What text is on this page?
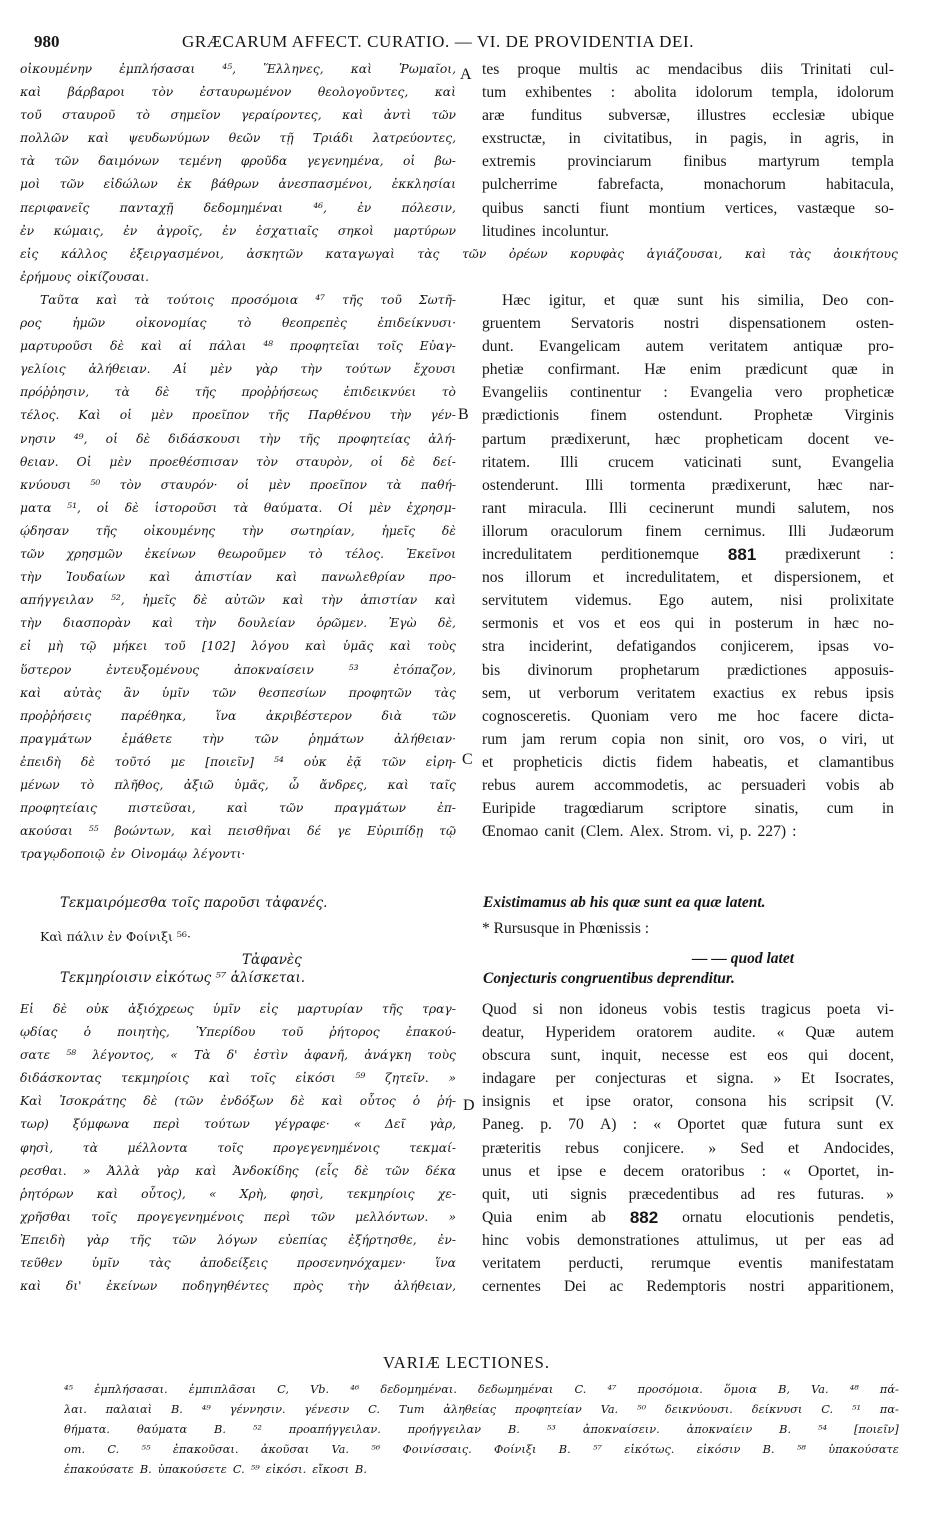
980	GRÆCARUM AFFECT. CURATIO. — VI. DE PROVIDENTIA DEI.
οἰκουμένην ἐμπλήσασαι ⁴⁵, Ἕλληνες, καὶ Ῥωμαῖοι,
καὶ βάρβαροι τὸν ἐσταυρωμένον θεολογοῦντες, καὶ
τοῦ σταυροῦ τὸ σημεῖον γεραίροντες, καὶ ἀντὶ τῶν
πολλῶν καὶ ψευδωνύμων θεῶν τῇ Τριάδι λατρεύοντες,
τὰ τῶν δαιμόνων τεμένη φροῦδα γεγενημένα, οἱ βω-
μοὶ τῶν εἰδώλων ἐκ βάθρων ἀνεσπασμένοι, ἐκκλησίαι
περιφανεῖς πανταχῇ δεδομημέναι ⁴⁶, ἐν πόλεσιν,
ἐν κώμαις, ἐν ἀγροῖς, ἐν ἐσχατιαῖς σηκοὶ μαρτύρων
εἰς κάλλος ἐξειργασμένοι, ἀσκητῶν καταγωγαὶ τὰς τῶν ὀρέων κορυφὰς ἁγιάζουσαι, καὶ τὰς ἀοικήτους
ἐρήμους οἰκίζουσαι.
tes proque multis ac mendacibus diis Trinitati cul-
tum exhibentes : abolita idolorum templa, idolorum
aræ funditus subversæ, illustres ecclesiæ ubique
exstructæ, in civitatibus, in pagis, in agris, in
extremis provinciarum finibus martyrum templa
pulcherrime	fabrefacta,	monachorum	habitacula,
quibus sancti fiunt montium vertices, vastæque so-
litudines incoluntur.
Ταῦτα καὶ τὰ τούτοις προσόμοια ⁴⁷ τῆς τοῦ Σωτῆ-
ρος ἡμῶν οἰκονομίας τὸ θεοπρεπὲς ἐπιδείκνυσι·
μαρτυροῦσι δὲ καὶ αἱ πάλαι ⁴⁸ προφητεῖαι τοῖς Εὐαγ-
γελίοις ἀλήθειαν. Αἱ μὲν γὰρ τὴν τούτων ἔχουσι
πρόῤῥησιν, τὰ δὲ τῆς προῤῥήσεως ἐπιδεικνύει τὸ
τέλος. Καὶ οἱ μὲν προεῖπον τῆς Παρθένου τὴν γέν-
νησιν ⁴⁹, οἱ δὲ διδάσκουσι τὴν τῆς προφητείας ἀλή-
θειαν. Οἱ μὲν προεθέσπισαν τὸν σταυρὸν, οἱ δὲ δεί-
κνύουσι ⁵⁰ τὸν σταυρόν· οἱ μὲν προεῖπον τὰ παθή-
ματα ⁵¹, οἱ δὲ ἱστοροῦσι τὰ θαύματα. Οἱ μὲν ἐχρησμ-
ῴδησαν τῆς οἰκουμένης τὴν σωτηρίαν, ἡμεῖς δὲ
τῶν χρησμῶν ἐκείνων θεωροῦμεν τὸ τέλος. Ἐκεῖνοι
τὴν Ἰουδαίων καὶ ἀπιστίαν καὶ πανωλεθρίαν προ-
απήγγειλαν ⁵², ἡμεῖς δὲ αὐτῶν καὶ τὴν ἀπιστίαν καὶ
τὴν διασπορὰν καὶ τὴν δουλείαν ὁρῶμεν. Ἐγὼ δὲ,
εἰ μὴ τῷ μήκει τοῦ [102] λόγου καὶ ὑμᾶς καὶ τοὺς
ὕστερον	ἐντευξομένους	ἀποκναίσειν	⁵³	ἐτόπαζον,
καὶ αὐτὰς ἂν ὑμῖν τῶν θεσπεσίων προφητῶν τὰς
προῤῥήσεις παρέθηκα, ἵνα ἀκριβέστερον διὰ τῶν
πραγμάτων ἐμάθετε τὴν τῶν ῥημάτων ἀλήθειαν·
ἐπειδὴ δὲ τοῦτό με [ποιεῖν] ⁵⁴ οὐκ ἐᾷ τῶν εἰρη-
μένων τὸ πλῆθος, ἀξιῶ ὑμᾶς, ὦ ἄνδρες, καὶ ταῖς
προφητείαις	πιστεῦσαι,	καὶ	τῶν	πραγμάτων	ἐπ-
ακούσαι ⁵⁵ βοώντων, καὶ πεισθῆναι δέ γε Εὐριπίδῃ τῷ
τραγῳδοποιῷ ἐν Οἰνομάῳ λέγοντι·
Hæc igitur, et quæ sunt his similia, Deo con-
gruentem Servatoris nostri dispensationem osten-
dunt. Evangelicam autem veritatem antiquæ pro-
phetiæ confirmant. Hæ enim prædicunt quæ in
Evangeliis continentur : Evangelia vero propheticæ
prædictionis finem ostendunt. Prophetæ Virginis
partum prædixerunt, hæc propheticam docent ve-
ritatem. Illi crucem vaticinati sunt, Evangelia
ostenderunt. Illi tormenta prædixerunt, hæc nar-
rant miracula. Illi cecinerunt mundi salutem, nos
illorum oraculorum finem cernimus. Illi Judæorum
incredulitatem perditionemque 881 prædixerunt :
nos illorum et incredulitatem, et dispersionem, et
servitutem videmus. Ego autem, nisi prolixitate
sermonis et vos et eos qui in posterum in hæc no-
stra inciderint, defatigandos conjicerem, ipsas vo-
bis divinorum prophetarum prædictiones apposuis-
sem, ut verborum veritatem exactius ex rebus ipsis
cognosceretis. Quoniam vero me hoc facere dicta-
rum jam rerum copia non sinit, oro vos, o viri, ut
et propheticis dictis fidem habeatis, et clamantibus
rebus aurem accommodetis, ac persuaderi vobis ab
Euripide tragœdiarum scriptore sinatis, cum in
Œnomao canit (Clem. Alex. Strom. vi, p. 227) :
Τεκμαιρόμεσθα τοῖς παροῦσι τἀφανές.
Καὶ πάλιν ἐν Φοίνιξι ⁵⁶·
Τἀφανὲς
Τεκμηρίοισιν εἰκότως ⁵⁷ ἁλίσκεται.
Existimamus ab his quæ sunt ea quæ latent.
* Rursusque in Phœnissis :
— — quod latet
Conjecturis congruentibus deprenditur.
Εἰ δὲ οὐκ ἀξιόχρεως ὑμῖν εἰς μαρτυρίαν τῆς τραγ-
ῳδίας ὁ ποιητὴς, Ὑπερίδου τοῦ ῥήτορος ἐπακού-
σατε ⁵⁸ λέγοντος, « Τὰ δ' ἐστὶν ἀφανῆ, ἀνάγκη τοὺς
διδάσκοντας τεκμηρίοις καὶ τοῖς εἰκόσι ⁵⁹ ζητεῖν. »
Καὶ Ἰσοκράτης δὲ (τῶν ἐνδόξων δὲ καὶ οὗτος ὁ ῥή-
τωρ) ξύμφωνα περὶ τούτων γέγραφε· « Δεῖ γὰρ,
φησὶ, τὰ μέλλοντα τοῖς προγεγενημένοις τεκμαί-
ρεσθαι. » Ἀλλὰ γὰρ καὶ Ἀνδοκίδης (εἷς δὲ τῶν δέκα
ῥητόρων καὶ οὗτος), « Χρὴ, φησὶ, τεκμηρίοις χε-
χρῆσθαι τοῖς προγεγενημένοις περὶ τῶν μελλόντων. »
Ἐπειδὴ γὰρ τῆς τῶν λόγων εὐεπίας ἐξήρτησθε, ἐν-
τεῦθεν ὑμῖν τὰς ἀποδείξεις προσενηνόχαμεν· ἵνα
καὶ δι' ἐκείνων ποδηγηθέντες πρὸς τὴν ἀλήθειαν,
Quod si non idoneus vobis testis tragicus poeta vi-
deatur, Hyperidem oratorem audite. « Quæ autem
obscura sunt, inquit, necesse est eos qui docent,
indagare per conjecturas et signa. » Et Isocrates,
insignis et ipse orator, consona his scripsit (V.
Paneg. p. 70 A) : « Oportet quæ futura sunt ex
præteritis rebus conjicere. » Sed et Andocides,
unus et ipse e decem oratoribus : « Oportet, in-
quit, uti signis præcedentibus ad res futuras. »
Quia enim ab 882 ornatu elocutionis pendetis,
hinc vobis demonstrationes attulimus, ut per eas ad
veritatem perducti, rerumque eventis manifestatam
cernentes Dei ac Redemptoris nostri apparitionem,
A
B
C
D
VARIÆ LECTIONES.
⁴⁵ ἐμπλήσασαι. ἐμπιπλᾶσαι C, Vb. ⁴⁶ δεδομημέναι. δεδωμημέναι C. ⁴⁷ προσόμοια. ὅμοια B, Va. ⁴⁸ πά-
λαι. παλαιαὶ B. ⁴⁹ γέννησιν. γένεσιν C. Tum ἀληθείας προφητείαν Va. ⁵⁰ δεικνύουσι. δείκνυσι C. ⁵¹ πα-
θήματα. θαύματα B. ⁵² προαπήγγειλαν. προήγγειλαν B. ⁵³ ἀποκναίσειν. ἀποκναίειν B. ⁵⁴ [ποιεῖν]
om. C. ⁵⁵ ἐπακοῦσαι. ἀκοῦσαι Va. ⁵⁶ Φοινίσσαις. Φοίνιξι B. ⁵⁷ εἰκότως. εἰκόσιν B. ⁵⁸ ὑπακούσατε
ἐπακούσατε B. ὑπακούσετε C. ⁵⁹ εἰκόσι. εἴκοσι B.
